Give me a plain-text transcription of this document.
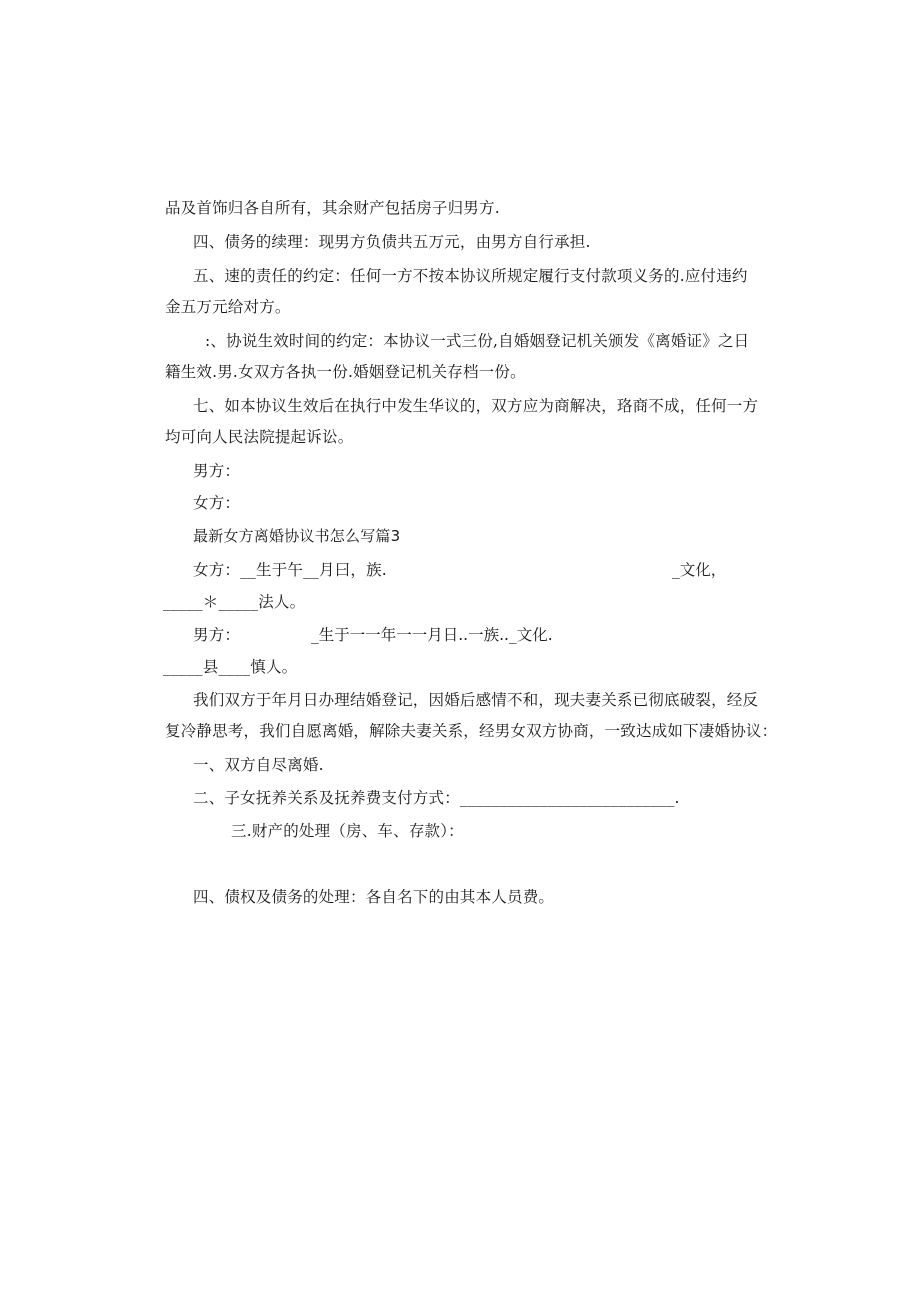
品及首饰归各自所有，其余财产包括房子归男方.
四、债务的续理：现男方负债共五万元，由男方自行承担.
五、速的责任的约定：任何一方不按本协议所规定履行支付款项义务的.应付违约
金五万元给对方。
:、协说生效时间的约定：本协议一式三份,自婚姻登记机关颁发《离婚证》之日
籍生效.男.女双方各执一份.婚姻登记机关存档一份。
七、如本协议生效后在执行中发生华议的，双方应为商解决，珞商不成，任何一方
均可向人民法院提起诉讼。
男方：
女方：
最新女方离婚协议书怎么写篇3
女方：__生于午__月曰，族.	_文化，
_____＊_____法人。
男方：	_生于一一年一一月日..一族.._文化.
_____县____慎人。
我们双方于年月日办理结婚登记，因婚后感情不和，现夫妻关系已彻底破裂，经反
复冷静思考，我们自愿离婚，解除夫妻关系，经男女双方协商，一致达成如下凄婚协议：
一、双方自尽离婚.
二、子女抚养关系及抚养费支付方式：___________________________.
三.财产的处理（房、车、存款）：
四、债权及债务的处理：各自名下的由其本人员费。
